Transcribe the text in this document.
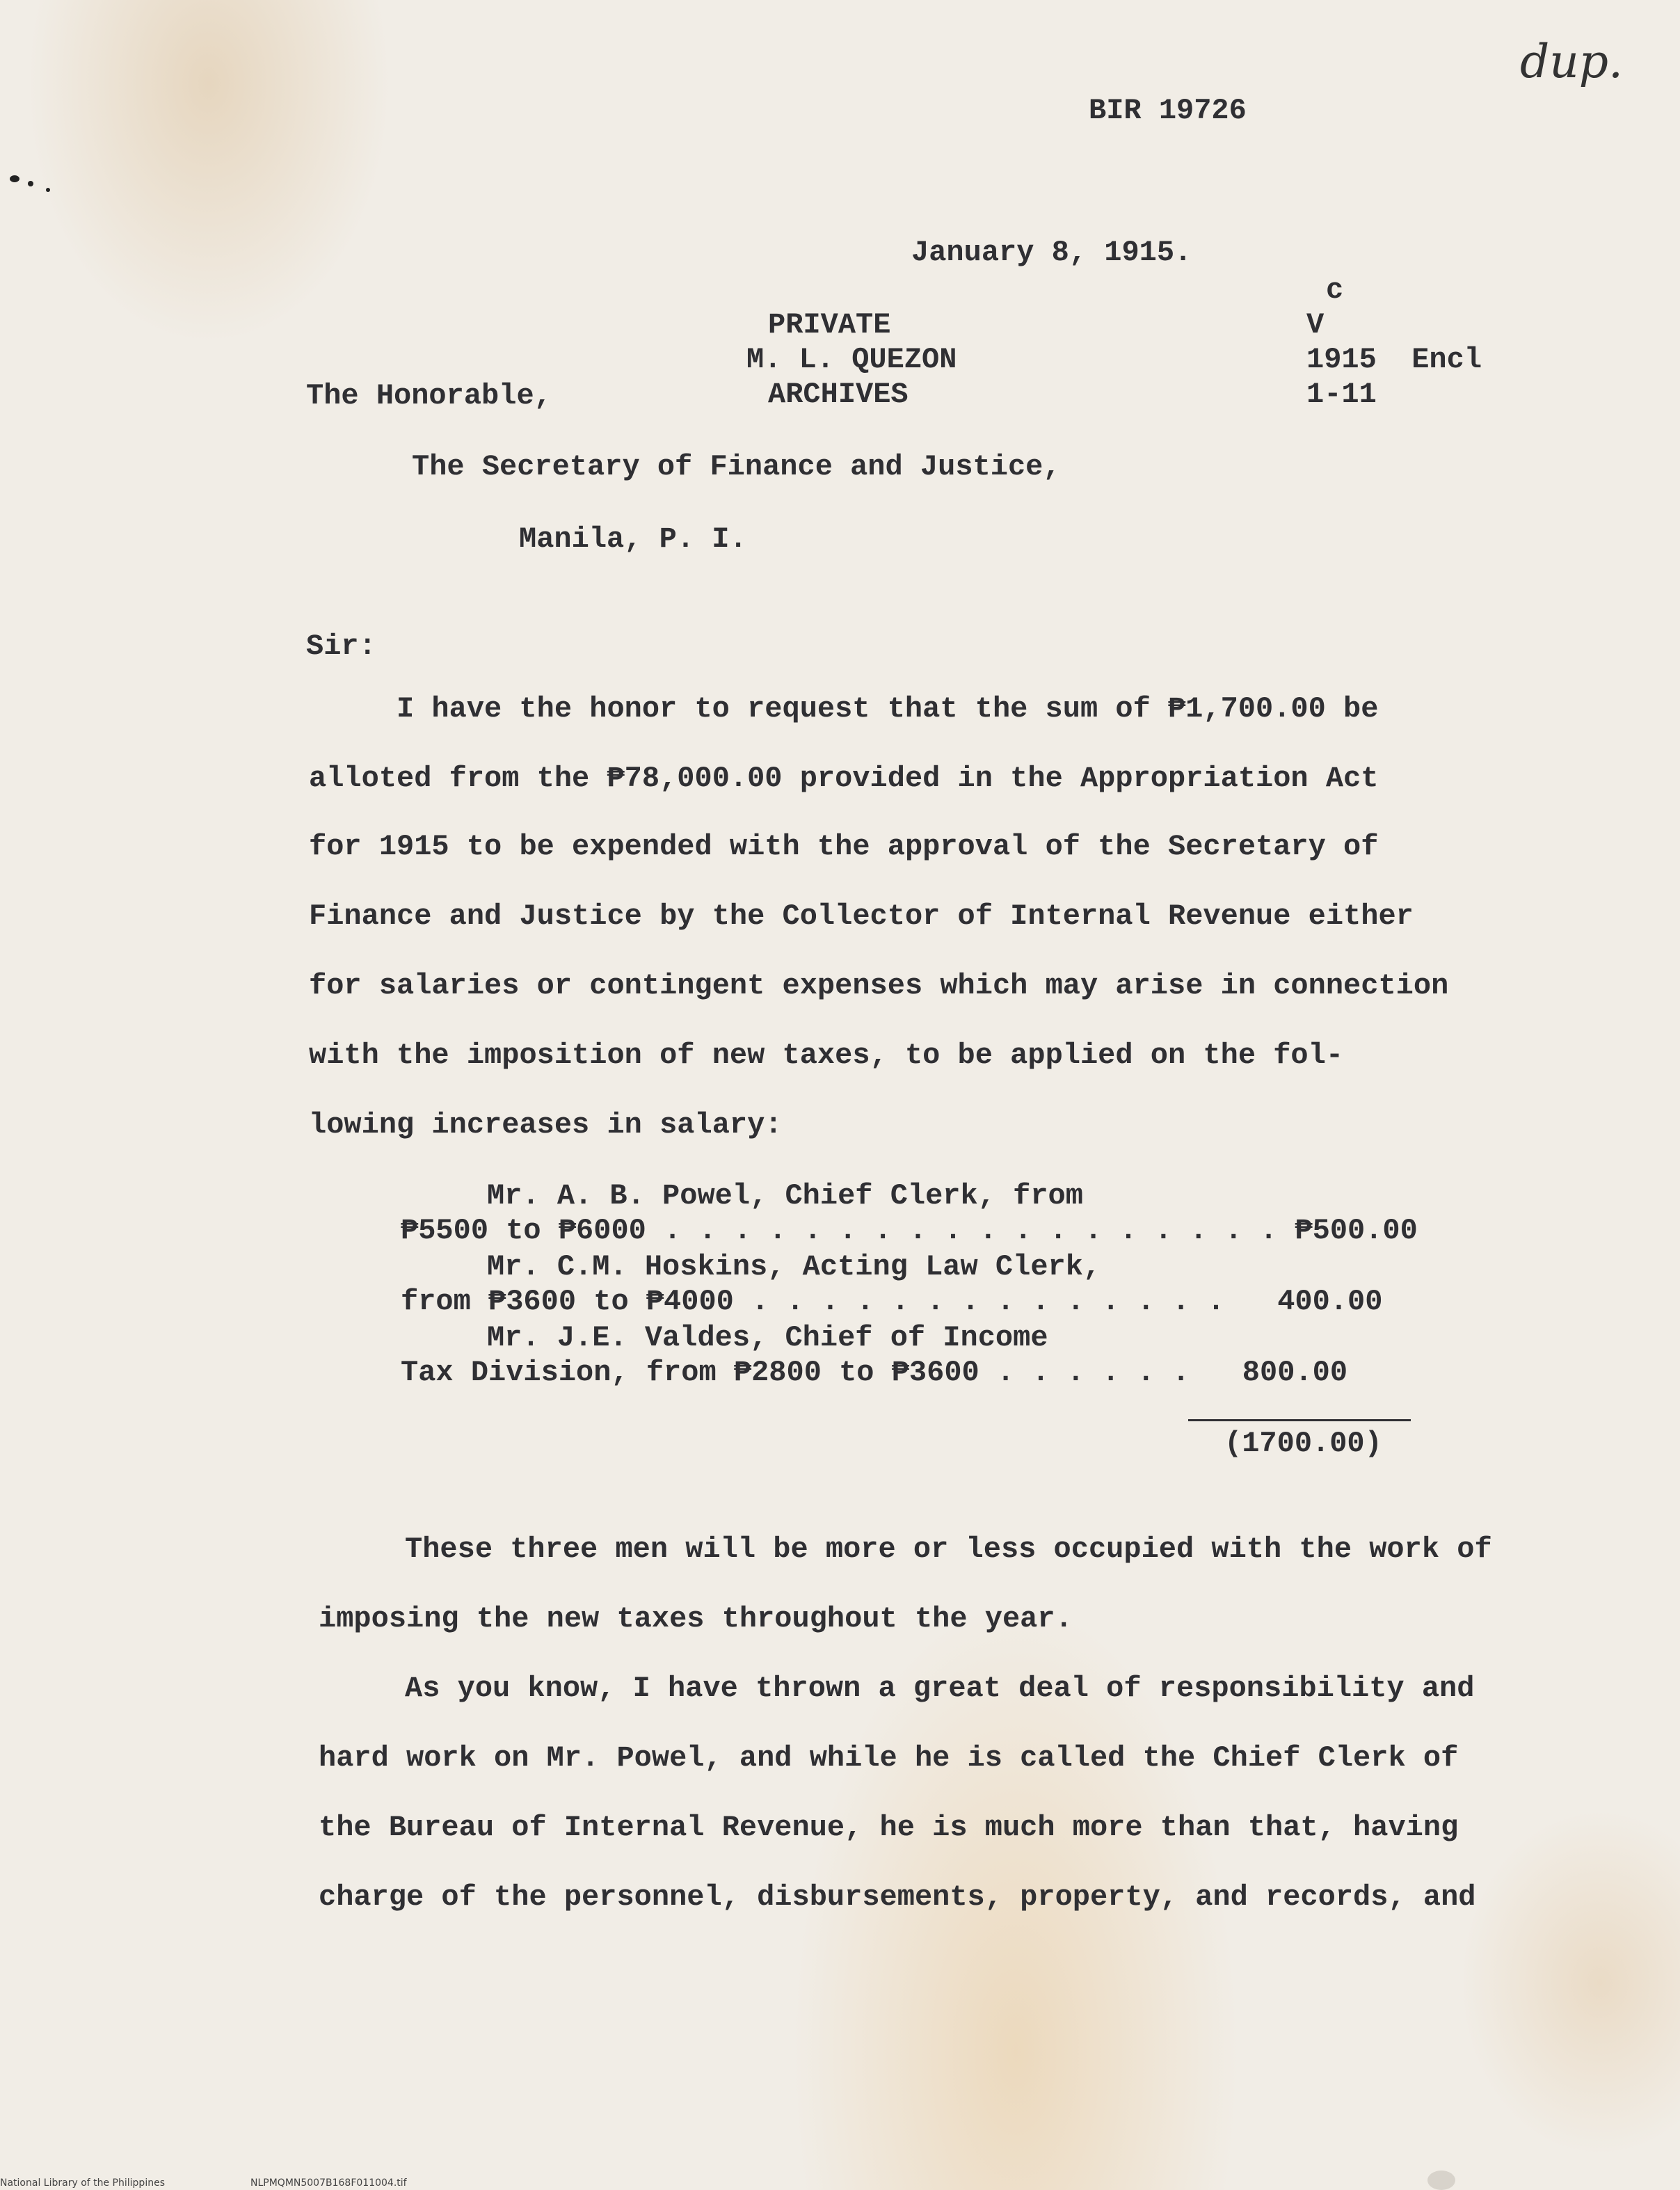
BIR 19726
dup.
January 8, 1915.
PRIVATE
M. L. QUEZON
ARCHIVES
c
V
1915  Encl
1-11
The Honorable,
The Secretary of Finance and Justice,
Manila, P. I.
Sir:
I have the honor to request that the sum of ₱1,700.00 be
alloted from the ₱78,000.00 provided in the Appropriation Act
for 1915 to be expended with the approval of the Secretary of
Finance and Justice by the Collector of Internal Revenue either
for salaries or contingent expenses which may arise in connection
with the imposition of new taxes, to be applied on the fol-
lowing increases in salary:
Mr. A. B. Powel, Chief Clerk, from
₱5500 to ₱6000 . . . . . . . . . . . . . . . . . . ₱500.00
Mr. C.M. Hoskins, Acting Law Clerk,
from ₱3600 to ₱4000 . . . . . . . . . . . . . .   400.00
Mr. J.E. Valdes, Chief of Income
Tax Division, from ₱2800 to ₱3600 . . . . . .   800.00
(1700.00)
These three men will be more or less occupied with the work of
imposing the new taxes throughout the year.
As you know, I have thrown a great deal of responsibility and
hard work on Mr. Powel, and while he is called the Chief Clerk of
the Bureau of Internal Revenue, he is much more than that, having
charge of the personnel, disbursements, property, and records, and
National Library of the Philippines	NLPMQMN5007B168F011004.tif
